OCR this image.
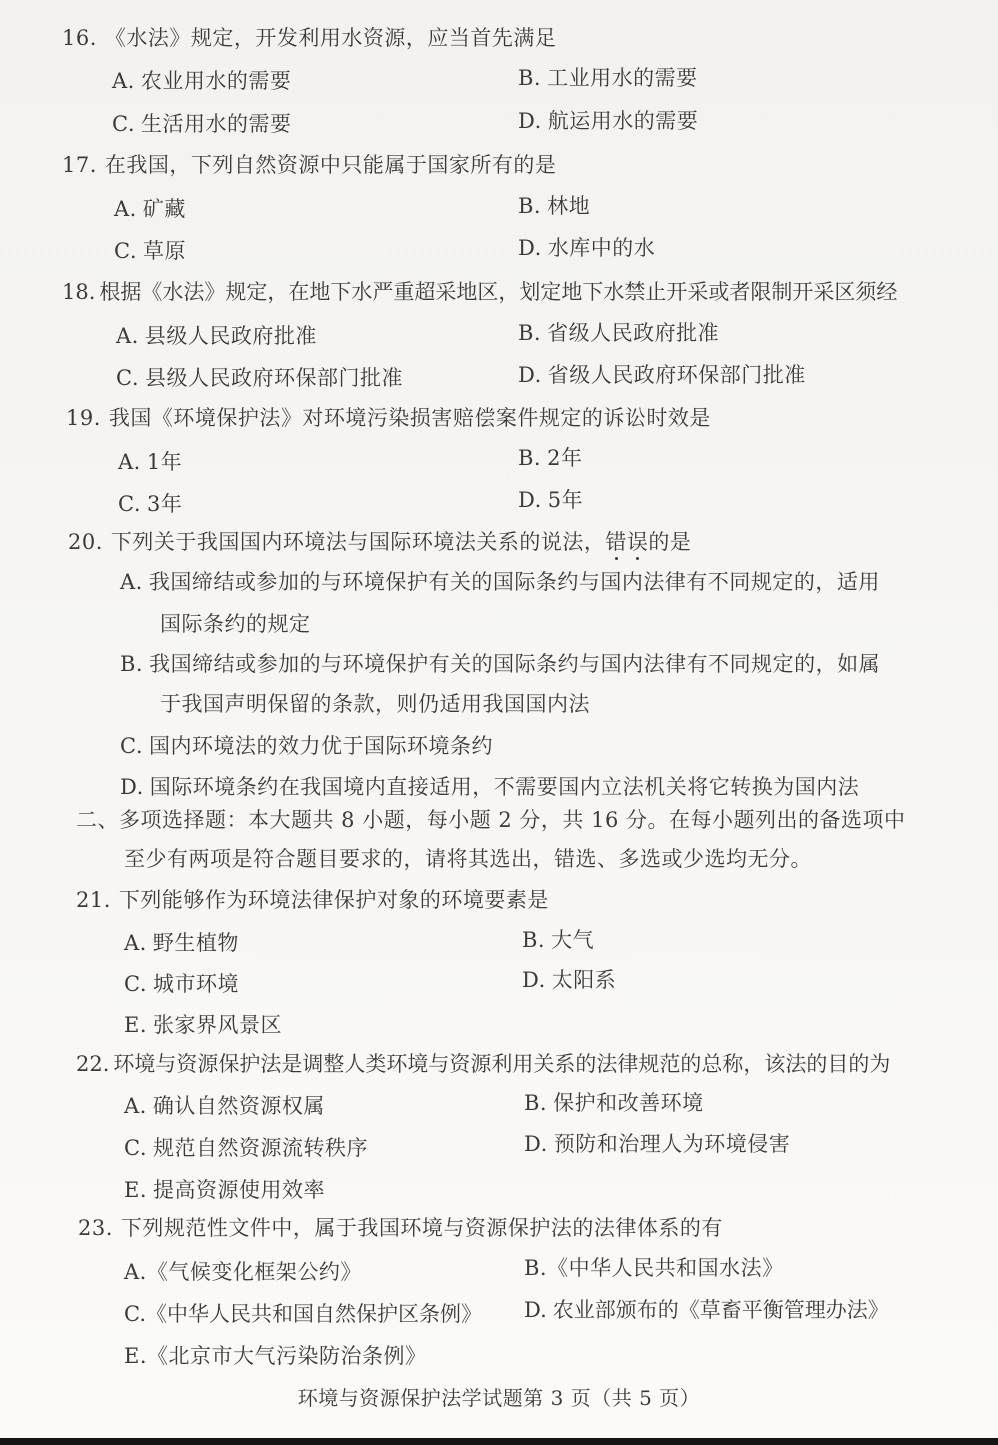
16. 《水法》规定，开发利用水资源，应当首先满足
A. 农业用水的需要	B. 工业用水的需要
C. 生活用水的需要	D. 航运用水的需要
17. 在我国，下列自然资源中只能属于国家所有的是
A. 矿藏	B. 林地
C. 草原	D. 水库中的水
18. 根据《水法》规定，在地下水严重超采地区，划定地下水禁止开采或者限制开采区须经
A. 县级人民政府批准	B. 省级人民政府批准
C. 县级人民政府环保部门批准	D. 省级人民政府环保部门批准
19. 我国《环境保护法》对环境污染损害赔偿案件规定的诉讼时效是
A. 1年	B. 2年
C. 3年	D. 5年
20. 下列关于我国国内环境法与国际环境法关系的说法，错误的是
A. 我国缔结或参加的与环境保护有关的国际条约与国内法律有不同规定的，适用
国际条约的规定
B. 我国缔结或参加的与环境保护有关的国际条约与国内法律有不同规定的，如属
于我国声明保留的条款，则仍适用我国国内法
C. 国内环境法的效力优于国际环境条约
D. 国际环境条约在我国境内直接适用，不需要国内立法机关将它转换为国内法
二、多项选择题：本大题共 8 小题，每小题 2 分，共 16 分。在每小题列出的备选项中
至少有两项是符合题目要求的，请将其选出，错选、多选或少选均无分。
21. 下列能够作为环境法律保护对象的环境要素是
A. 野生植物	B. 大气
C. 城市环境	D. 太阳系
E. 张家界风景区
22. 环境与资源保护法是调整人类环境与资源利用关系的法律规范的总称，该法的目的为
A. 确认自然资源权属	B. 保护和改善环境
C. 规范自然资源流转秩序	D. 预防和治理人为环境侵害
E. 提高资源使用效率
23. 下列规范性文件中，属于我国环境与资源保护法的法律体系的有
A.《气候变化框架公约》	B.《中华人民共和国水法》
C.《中华人民共和国自然保护区条例》 D. 农业部颁布的《草畜平衡管理办法》
E.《北京市大气污染防治条例》
环境与资源保护法学试题第 3 页（共 5 页）
